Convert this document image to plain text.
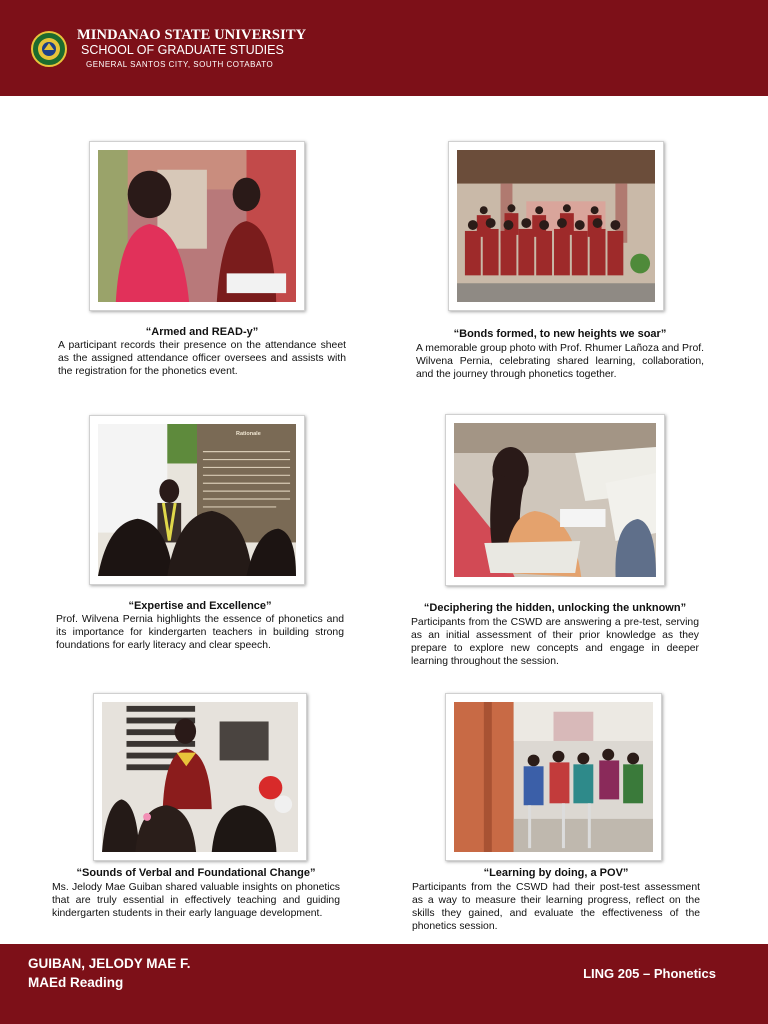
MINDANAO STATE UNIVERSITY
SCHOOL OF GRADUATE STUDIES
GENERAL SANTOS CITY, SOUTH COTABATO
“Armed and READ-y”
A participant records their presence on the attendance sheet as the assigned attendance officer oversees and assists with the registration for the phonetics event.
“Bonds formed, to new heights we soar”
A memorable group photo with Prof. Rhumer Lañoza and Prof. Wilvena Pernia, celebrating shared learning, collaboration, and the journey through phonetics together.
Rationale
“Expertise and Excellence”
Prof. Wilvena Pernia highlights the essence of phonetics and its importance for kindergarten teachers in building strong foundations for early literacy and clear speech.
“Deciphering the hidden, unlocking the unknown”
Participants from the CSWD are answering a pre-test, serving as an initial assessment of their prior knowledge as they prepare to explore new concepts and engage in deeper learning throughout the session.
“Sounds of Verbal and Foundational Change”
Ms. Jelody Mae Guiban shared valuable insights on phonetics that are truly essential in effectively teaching and guiding kindergarten students in their early language development.
“Learning by doing, a POV”
Participants from the CSWD had their post-test assessment as a way to measure their learning progress, reflect on the skills they gained, and evaluate the effectiveness of the phonetics session.
GUIBAN, JELODY MAE F.
MAEd Reading
LING 205 – Phonetics
